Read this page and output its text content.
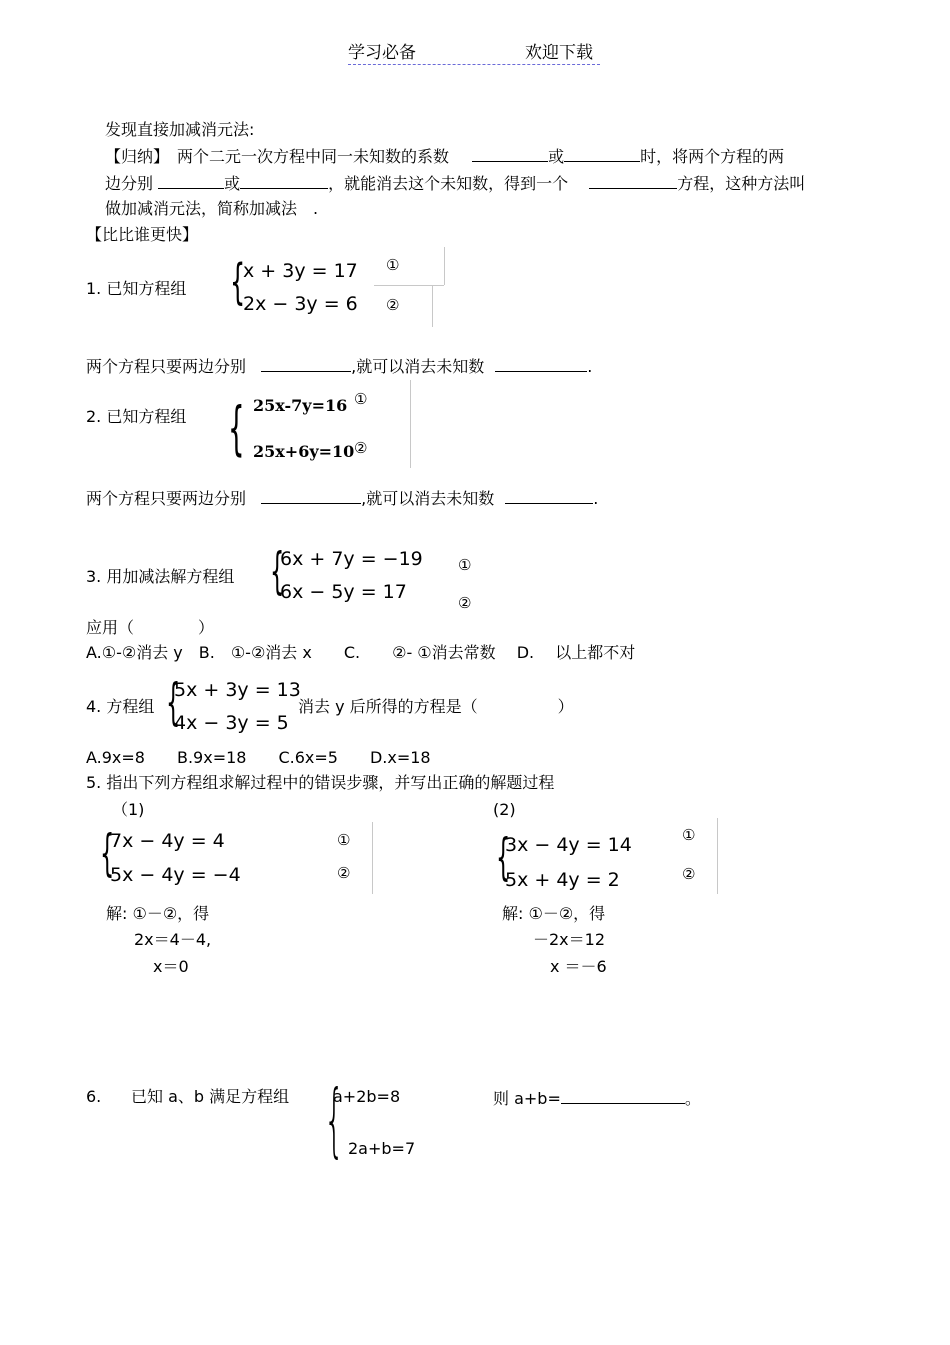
学习必备	欢迎下载
发现直接加减消元法:
【归纳】　两个二元一次方程中同一未知数的系数	或	时，将两个方程的两
边分别	或	，就能消去这个未知数，得到一个	方程，这种方法叫
做加减消元法，简称加减法　.
【比比谁更快】
1. 已知方程组 {
x + 3y = 17
2x − 3y = 6
①
②
两个方程只要两边分别	,就可以消去未知数	.
2. 已知方程组 { 25x-7y=16
25x+6y=10
①
②
两个方程只要两边分别	,就可以消去未知数	.
3. 用加减法解方程组 {
6x + 7y = −19
6x − 5y = 17
①
②
应用（　　　　）
A.①-②消去 y　B.　①-②消去 x　　C.　　②- ①消去常数　 D.　 以上都不对
4. 方程组 {
5x + 3y = 13
4x − 3y = 5
消去 y 后所得的方程是（　　　　　）
A.9x=8　　B.9x=18　　C.6x=5　　D.x=18
5. 指出下列方程组求解过程中的错误步骤，并写出正确的解题过程
（1)
{
7x − 4y = 4
5x − 4y = −4
①
②
解: ①－②，得
2x＝4－4,
x＝0
(2)
{
3x − 4y = 14
5x + 4y = 2
①
②
解: ①－②，得
－2x＝12
x ＝－6
6. 已知 a、b 满足方程组 {
a+2b=8
2a+b=7
则 a+b=	。
